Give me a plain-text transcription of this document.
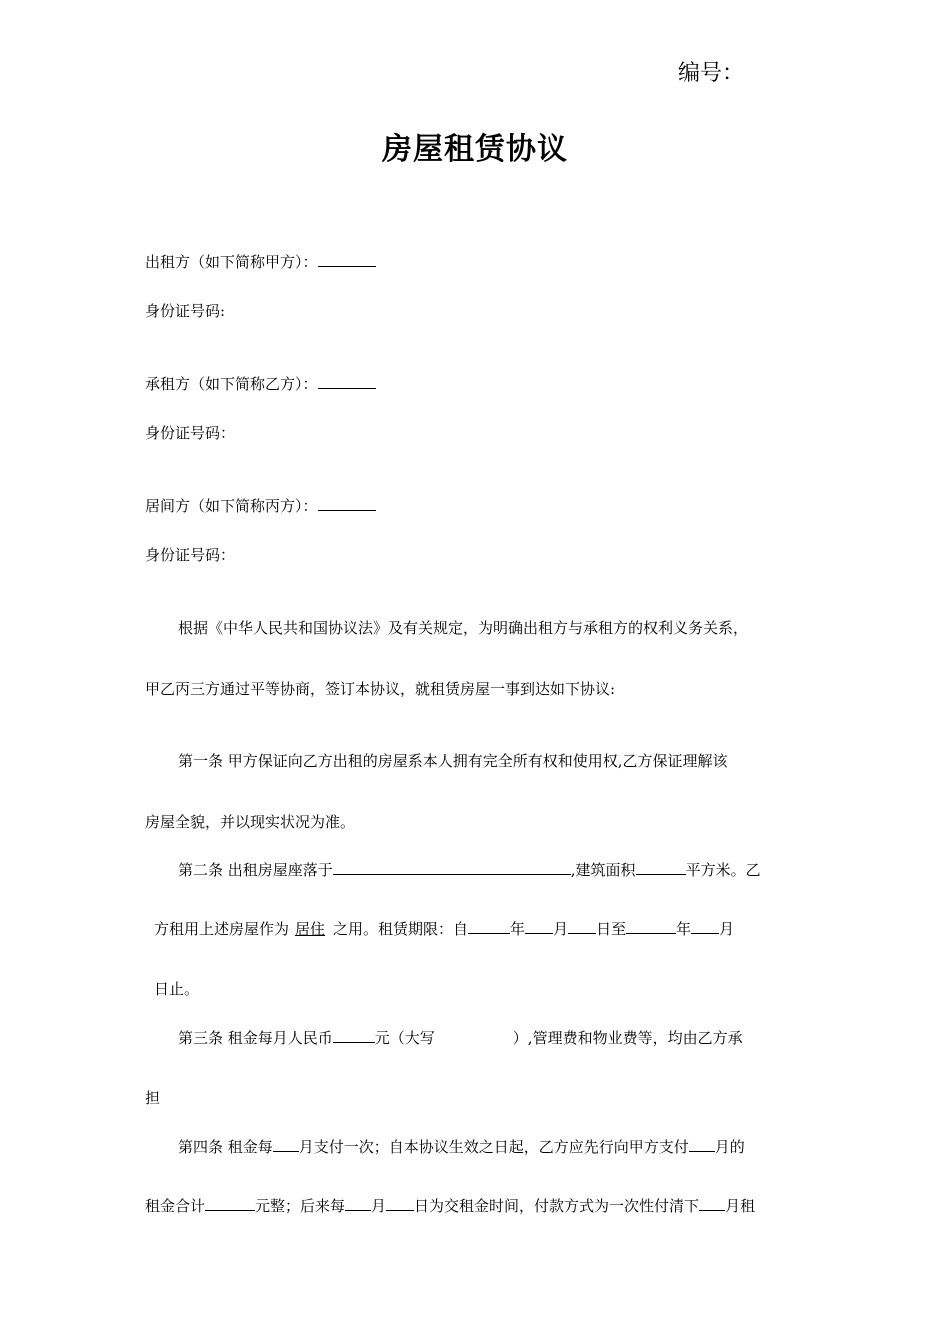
编号：
房屋租赁协议
出租方（如下简称甲方）：
身份证号码:
承租方（如下简称乙方）：
身份证号码：
居间方（如下简称丙方）：
身份证号码：
根据《中华人民共和国协议法》及有关规定，为明确出租方与承租方的权利义务关系，
甲乙丙三方通过平等协商，签订本协议，就租赁房屋一事到达如下协议:
第一条 甲方保证向乙方出租的房屋系本人拥有完全所有权和使用权,乙方保证理解该
房屋全貌，并以现实状况为准。
第二条 出租房屋座落于	,建筑面积	平方米。乙
方租用上述房屋作为 居住 之用。租赁期限：自	年 月 日至	年 月
日止。
第三条 租金每月人民币	元（大写	）,管理费和物业费等，均由乙方承
担
第四条 租金每 月支付一次；自本协议生效之日起，乙方应先行向甲方支付 月的
租金合计	元整；后来每 月 日为交租金时间，付款方式为一次性付清下 月租
